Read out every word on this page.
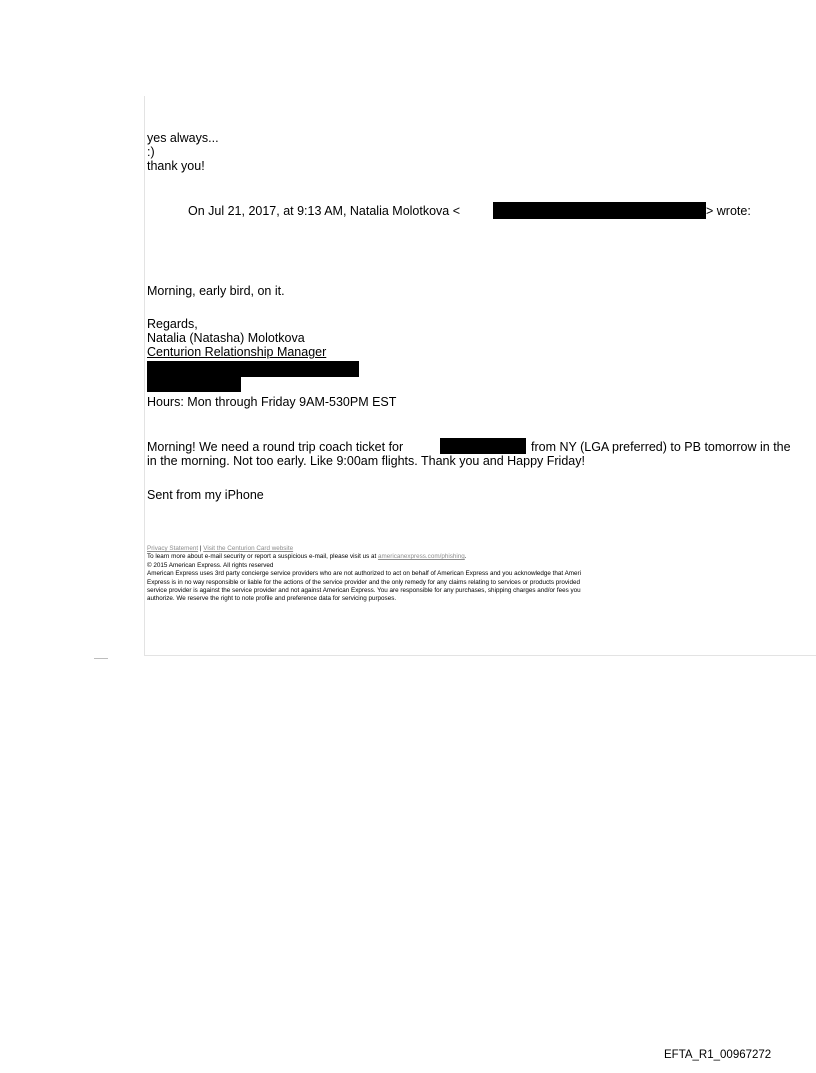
yes always...
:)
thank you!
On Jul 21, 2017, at 9:13 AM, Natalia Molotkova <	> wrote:
Morning, early bird, on it.
Regards,
Natalia (Natasha) Molotkova
Centurion Relationship Manager
Hours: Mon through Friday 9AM-530PM EST
Morning! We need a round trip coach ticket for	from NY (LGA preferred) to PB tomorrow in the
in the morning. Not too early. Like 9:00am flights. Thank you and Happy Friday!
Sent from my iPhone
Privacy Statement | Visit the Centurion Card website
To learn more about e-mail security or report a suspicious e-mail, please visit us at americanexpress.com/phishing.
© 2015 American Express. All rights reserved
American Express uses 3rd party concierge service providers who are not authorized to act on behalf of American Express and you acknowledge that Ameri
Express is in no way responsible or liable for the actions of the service provider and the only remedy for any claims relating to services or products provided
service provider is against the service provider and not against American Express. You are responsible for any purchases, shipping charges and/or fees you
authorize. We reserve the right to note profile and preference data for servicing purposes.
EFTA_R1_00967272
